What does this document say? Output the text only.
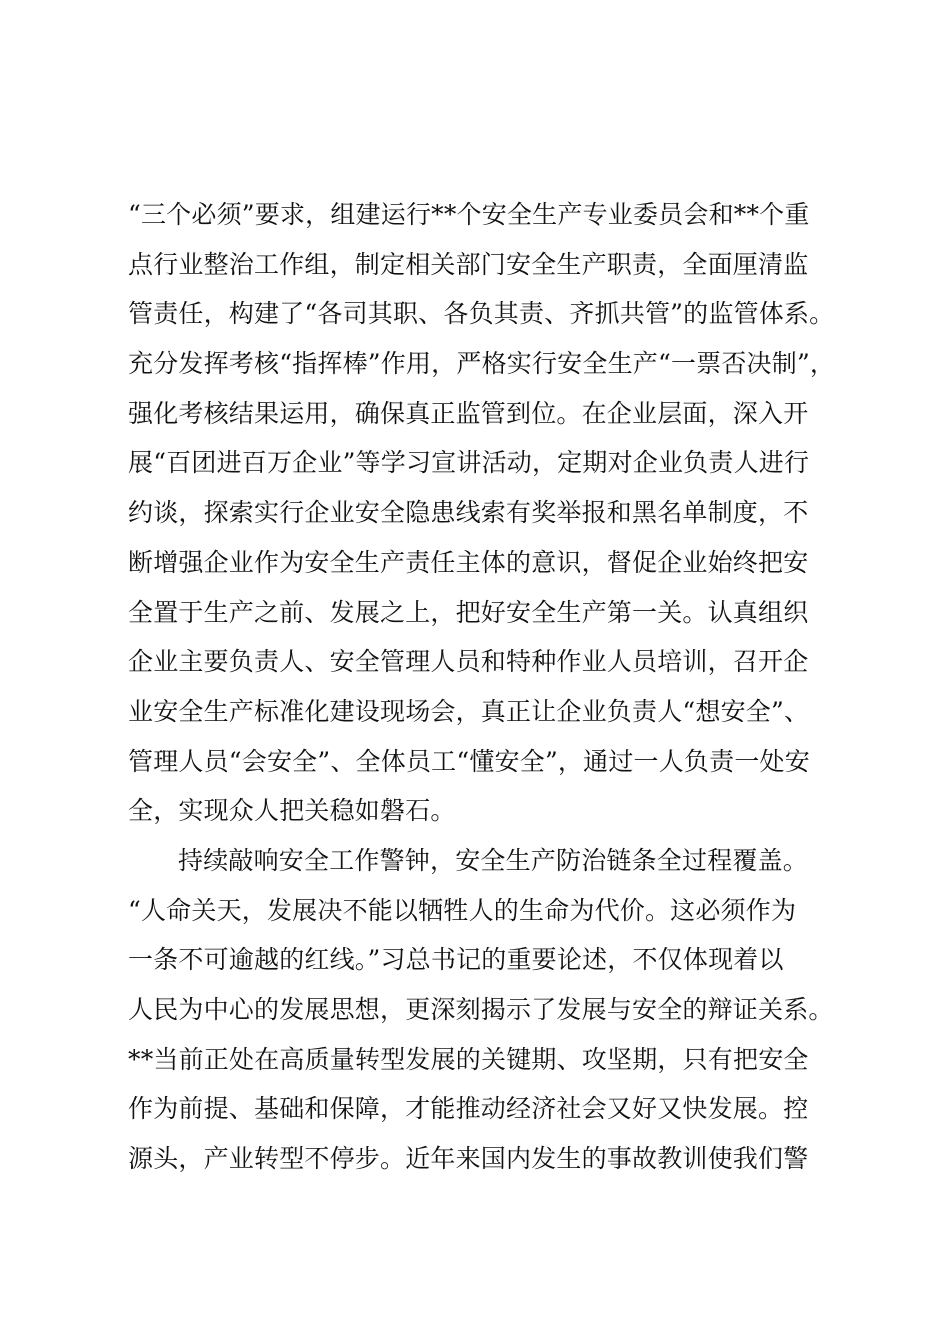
“三个必须”要求，组建运行**个安全生产专业委员会和**个重
点行业整治工作组，制定相关部门安全生产职责，全面厘清监
管责任，构建了“各司其职、各负其责、齐抓共管”的监管体系。
充分发挥考核“指挥棒”作用，严格实行安全生产“一票否决制”，
强化考核结果运用，确保真正监管到位。在企业层面，深入开
展“百团进百万企业”等学习宣讲活动，定期对企业负责人进行
约谈，探索实行企业安全隐患线索有奖举报和黑名单制度，不
断增强企业作为安全生产责任主体的意识，督促企业始终把安
全置于生产之前、发展之上，把好安全生产第一关。认真组织
企业主要负责人、安全管理人员和特种作业人员培训，召开企
业安全生产标准化建设现场会，真正让企业负责人“想安全”、
管理人员“会安全”、全体员工“懂安全”，通过一人负责一处安
全，实现众人把关稳如磐石。
持续敲响安全工作警钟，安全生产防治链条全过程覆盖。
“人命关天，发展决不能以牺牲人的生命为代价。这必须作为
一条不可逾越的红线。”习总书记的重要论述，不仅体现着以
人民为中心的发展思想，更深刻揭示了发展与安全的辩证关系。
**当前正处在高质量转型发展的关键期、攻坚期，只有把安全
作为前提、基础和保障，才能推动经济社会又好又快发展。控
源头，产业转型不停步。近年来国内发生的事故教训使我们警
